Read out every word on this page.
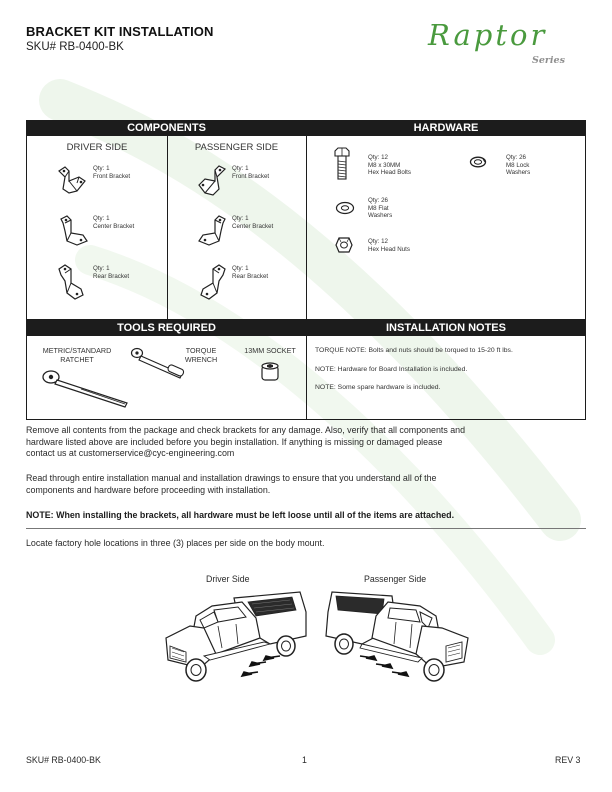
BRACKET KIT INSTALLATION
SKU# RB-0400-BK	Raptor
Series
COMPONENTS	HARDWARE
DRIVER SIDE	PASSENGER SIDE
Qty: 1
Front Bracket
Qty: 1
Center Bracket
Qty: 1
Rear Bracket
Qty: 1
Front Bracket
Qty: 1
Center Bracket
Qty: 1
Rear Bracket
Qty: 12
M8 x 30MM
Hex Head Bolts
Qty: 26
M8 Lock
Washers
Qty: 26
M8 Flat
Washers
Qty: 12
Hex Head Nuts
TOOLS REQUIRED	INSTALLATION NOTES
METRIC/STANDARD
RATCHET
TORQUE
WRENCH
13MM SOCKET	TORQUE NOTE: Bolts and nuts should be torqued to 15-20 ft lbs.
NOTE: Hardware for Board Installation is included.
NOTE: Some spare hardware is included.
Remove all contents from the package and check brackets for any damage. Also, verify that all components and
hardware listed above are included before you begin installation. If anything is missing or damaged please
contact us at customerservice@cyc-engineering.com
Read through entire installation manual and installation drawings to ensure that you understand all of the
components and hardware before proceeding with installation.
NOTE: When installing the brackets, all hardware must be left loose until all of the items are attached.
Locate factory hole locations in three (3) places per side on the body mount.
Driver Side	Passenger Side
SKU# RB-0400-BK	1	REV 3
